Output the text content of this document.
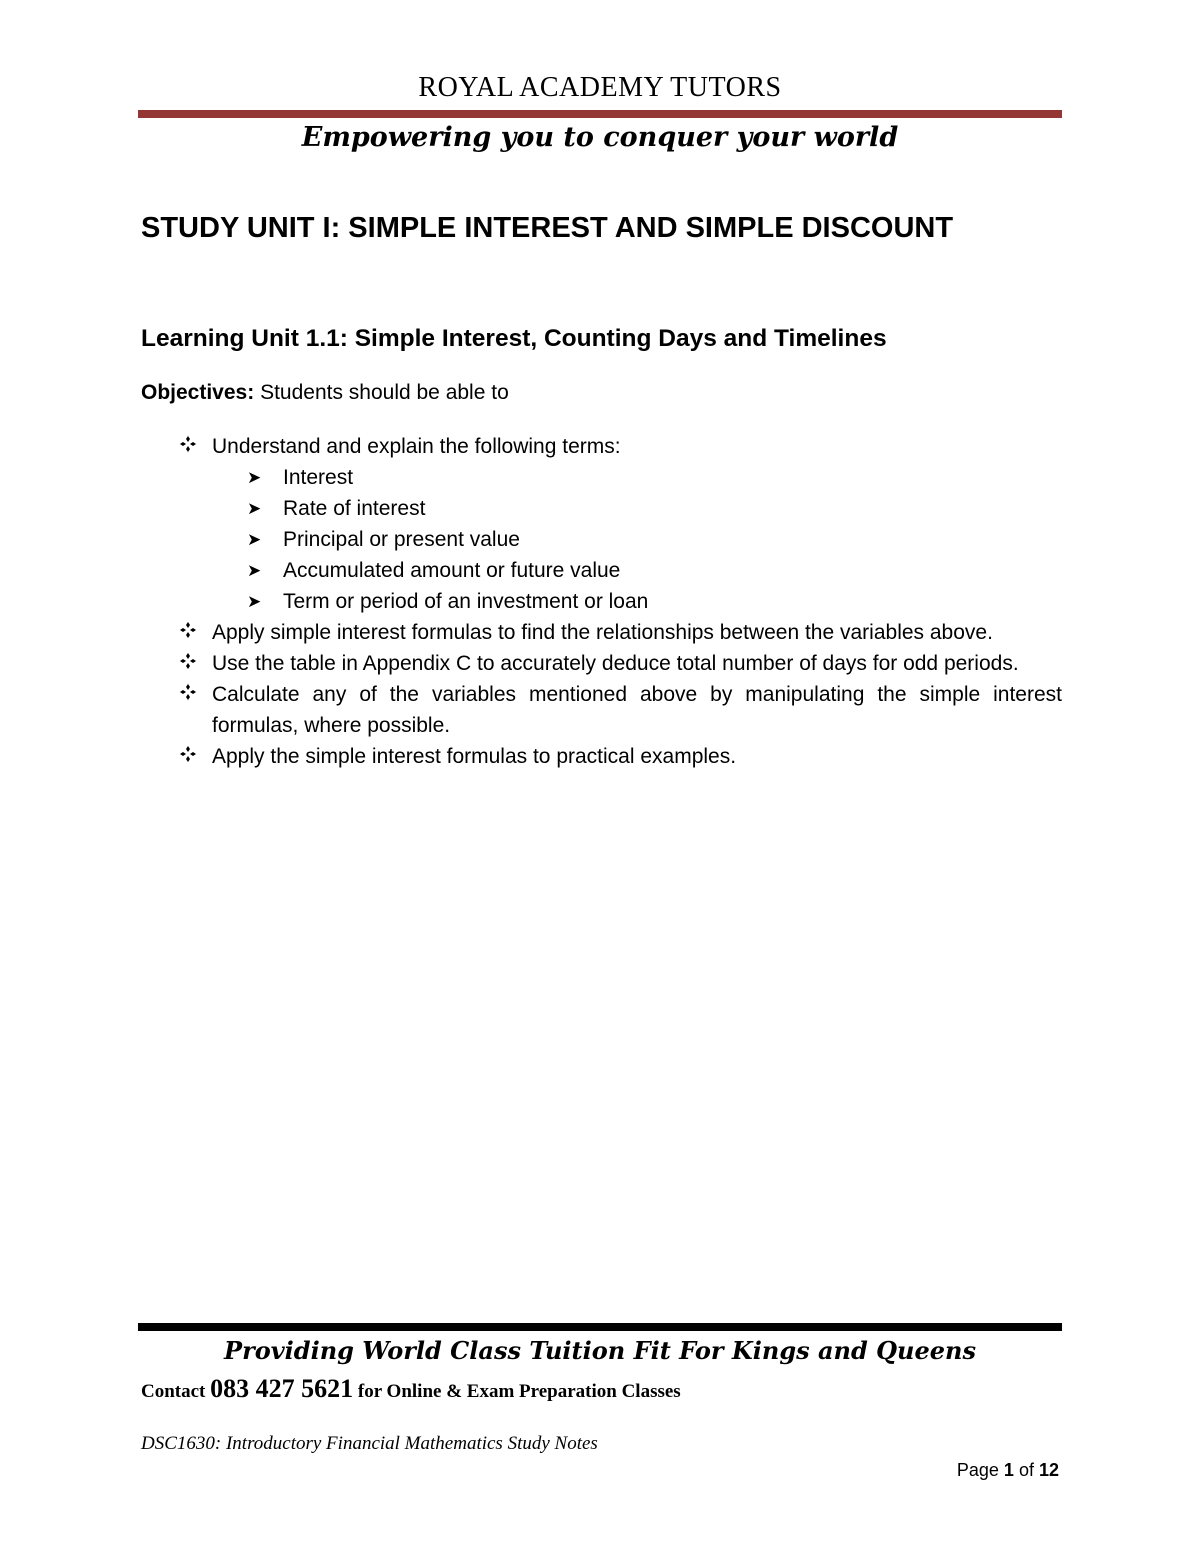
ROYAL ACADEMY TUTORS
Empowering you to conquer your world
STUDY UNIT I: SIMPLE INTEREST AND SIMPLE DISCOUNT
Learning Unit 1.1: Simple Interest, Counting Days and Timelines
Objectives: Students should be able to
Understand and explain the following terms:
➤ Interest
➤ Rate of interest
➤ Principal or present value
➤ Accumulated amount or future value
➤ Term or period of an investment or loan
Apply simple interest formulas to find the relationships between the variables above.
Use the table in Appendix C to accurately deduce total number of days for odd periods.
Calculate any of the variables mentioned above by manipulating the simple interest formulas, where possible.
Apply the simple interest formulas to practical examples.
Providing World Class Tuition Fit For Kings and Queens
Contact 083 427 5621 for Online & Exam Preparation Classes
DSC1630: Introductory Financial Mathematics Study Notes
Page 1 of 12
